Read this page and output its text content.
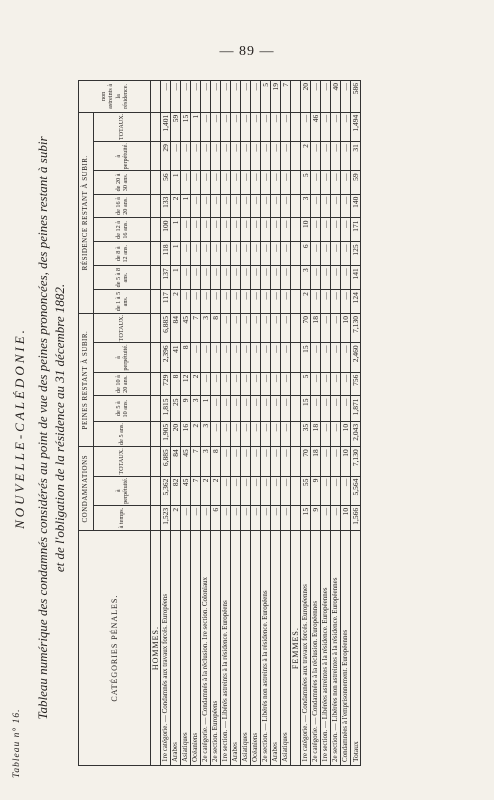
— 89 —
Tableau n° 16.
NOUVELLE-CALÉDONIE. Tableau numérique des condamnés considérés au point de vue des peines prononcées, des peines restant à subir et de l'obligation de la résidence au 31 décembre 1882.
CATÉGORIES PÉNALES.	CONDAMNATIONS			PEINES RESTANT À SUBIR.					RÉSIDENCE RESTANT À SUBIR.								non astreints à la résidence.
	à temps.	à perpétuité.	TOTAUX.	de 5 ans.	de 5 à 10 ans.	de 10 à 20 ans.	à perpétuité.	TOTAUX.	de 1 à 5 ans.	de 5 à 8 ans.	de 8 à 12 ans.	de 12 à 16 ans.	de 16 à 20 ans.	de 20 à 30 ans.	à perpétuité.	TOTAUX.	
HOMMES.																	
1re catégorie. — Condamnés aux travaux forcés. Européens	1,523	5,362	6,885	1,905	1,815	729	2,396	6,885	117	137	118	100	133	56	29	1,401	—
Arabes	2	82	84	20	25	8	41	84	2	1	1	1	2	1	—	59	—
Asiatiques	—	45	45	16	9	12	8	45	—	—	—	—	1	—	—	15	—
Océaniens	—	7	7	2	3	2	—	7	—	—	—	—	—	—	—	1	—
2e catégorie. — Condamnés à la réclusion. 1re section. Coloniaux	—	2	3	3	1	—	—	3	—	—	—	—	—	—	—	—	—
2e section. Européens	6	2	8	—	—	—	—	8	—	—	—	—	—	—	—	—	—
1re section. — Libérés astreints à la résidence. Européens	—	—	—	—	—	—	—	—	—	—	—	—	—	—	—	—	—
Arabes	—	—	—	—	—	—	—	—	—	—	—	—	—	—	—	—	—
Asiatiques	—	—	—	—	—	—	—	—	—	—	—	—	—	—	—	—	—
Océaniens	—	—	—	—	—	—	—	—	—	—	—	—	—	—	—	—	—
2e section. — Libérés non astreints à la résidence. Européens	—	—	—	—	—	—	—	—	—	—	—	—	—	—	—	—	5
Arabes	—	—	—	—	—	—	—	—	—	—	—	—	—	—	—	—	19
Asiatiques	—	—	—	—	—	—	—	—	—	—	—	—	—	—	—	—	7
FEMMES.																	
1re catégorie. — Condamnées aux travaux forcés. Européennes	15	55	70	35	15	5	15	70	2	3	6	10	3	5	2	—	20
2e catégorie. — Condamnées à la réclusion. Européennes	9	9	18	18	—	—	—	18	—	—	—	—	—	—	—	46	—
1re section. — Libérées astreintes à la résidence. Européennes	—	—	—	—	—	—	—	—	—	—	—	—	—	—	—	—	—
2e section. — Libérées non astreintes à la résidence. Européennes	—	—	—	—	—	—	—	—	—	—	—	—	—	—	—	—	40
Condamnées à l'emprisonnement. Européennes	10	—	10	10	—	—	—	10	—	—	—	—	—	—	—	—	—
Totaux	1,566	5,564	7,130	2,043	1,871	756	2,460	7,130	124	141	125	171	140	59	31	1,494	586
